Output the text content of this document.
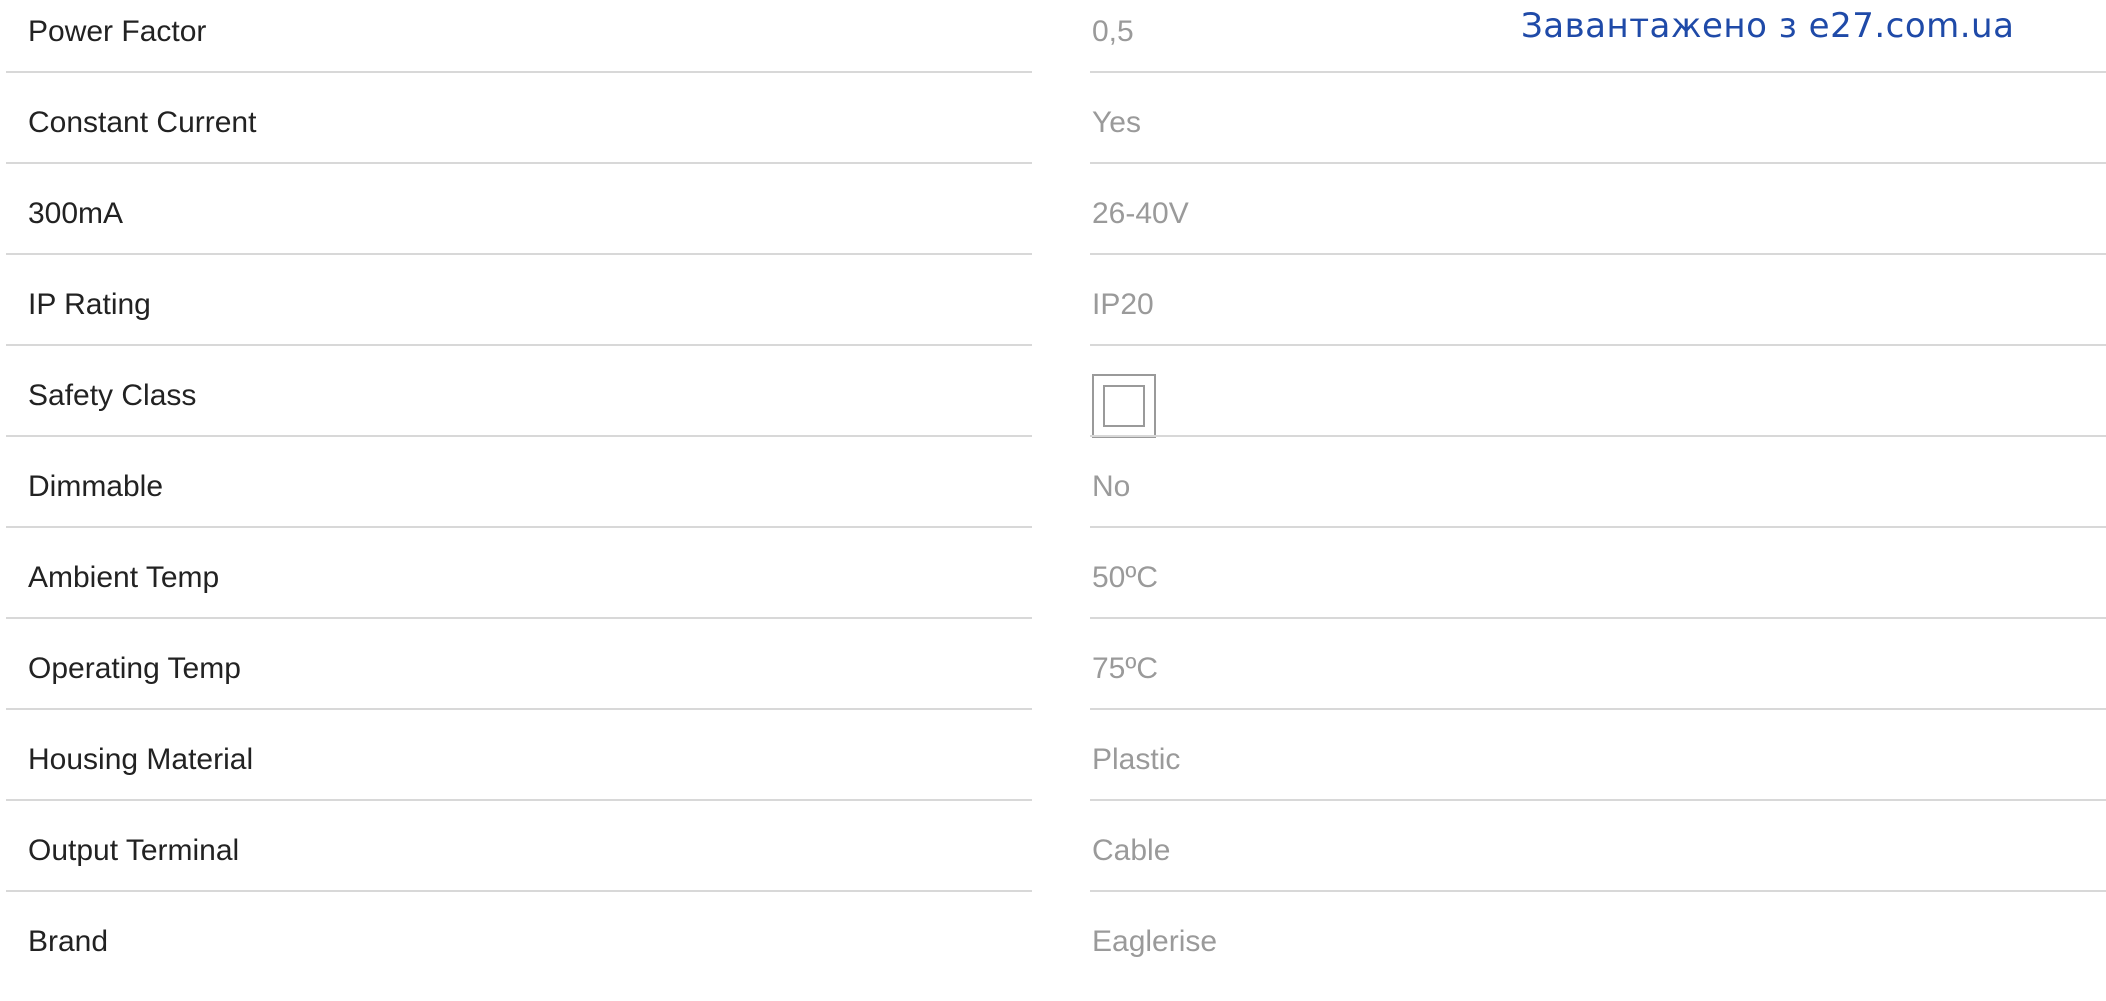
Завантажено з e27.com.ua
Power Factor	0,5
Constant Current	Yes
300mA	26-40V
IP Rating	IP20
Safety Class
Dimmable	No
Ambient Temp	50ºC
Operating Temp	75ºC
Housing Material	Plastic
Output Terminal	Cable
Brand	Eaglerise
